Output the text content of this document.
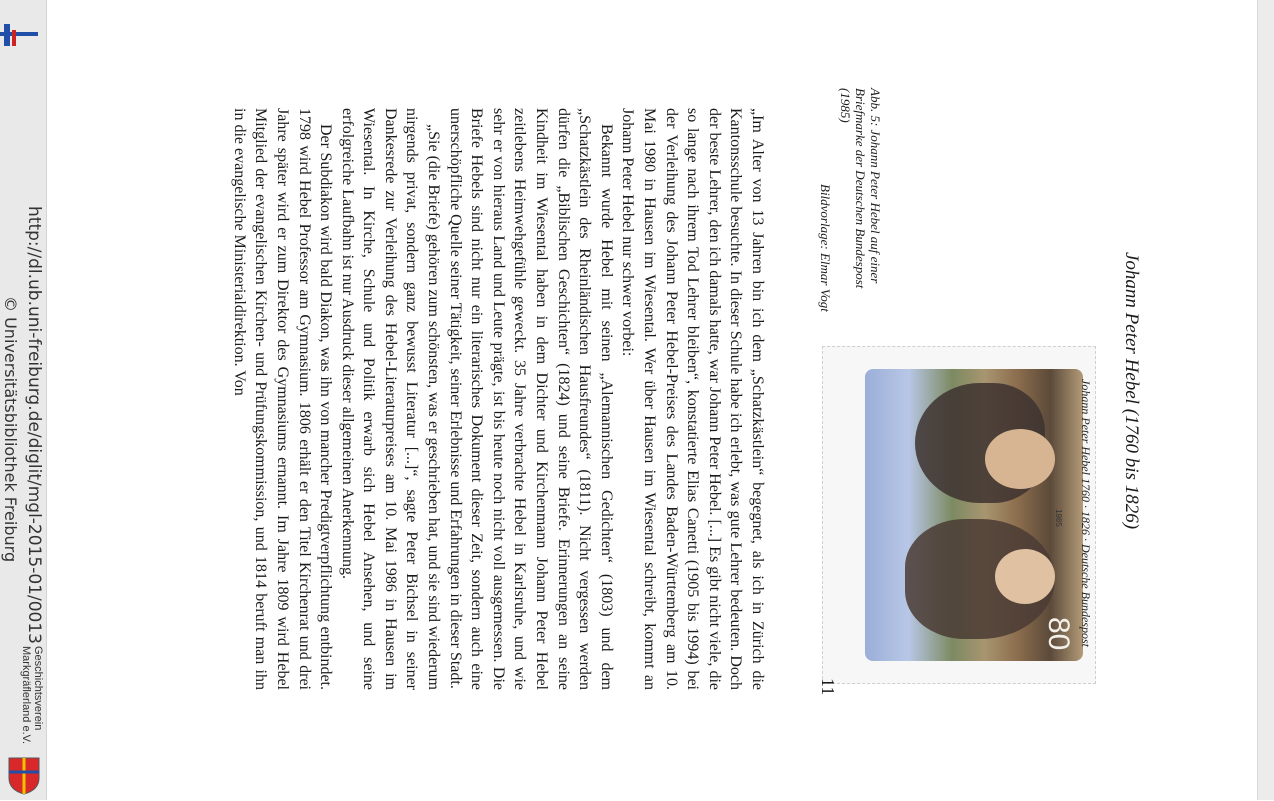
http://dl.ub.uni-freiburg.de/diglit/mgl-2015-01/0013
© Universitätsbibliothek Freiburg
Geschichtsverein
Markgräflerland e.V.
Johann Peter Hebel (1760 bis 1826)
Abb. 5: Johann Peter Hebel auf einer
Briefmarke der Deutschen Bundespost
(1985)
Bildvorlage: Elmar Vogt
Johann Peter Hebel 1760 · 1826 · Deutsche Bundespost
80
1985

„Im Alter von 13 Jahren bin ich dem „Schatzkästlein“ begegnet, als ich in Zürich die Kantonsschule besuchte. In dieser Schule habe ich erlebt, was gute Lehrer bedeuten. Doch der beste Lehrer, den ich damals hatte, war Johann Peter Hebel. [...] Es gibt nicht viele, die so lange nach ihrem Tod Lehrer bleiben“, konstatierte Elias Canetti (1905 bis 1994) bei der Verleihung des Johann Peter Hebel-Preises des Landes Baden-Württemberg am 10. Mai 1980 in Hausen im Wiesental. Wer über Hausen im Wiesental schreibt, kommt an Johann Peter Hebel nur schwer vorbei:

Bekannt wurde Hebel mit seinen „Alemannischen Gedichten“ (1803) und dem „Schatzkästlein des Rheinländischen Hausfreundes“ (1811). Nicht vergessen werden dürfen die „Biblischen Geschichten“ (1824) und seine Briefe. Erinnerungen an seine Kindheit im Wiesental haben in dem Dichter und Kirchenmann Johann Peter Hebel zeitlebens Heimwehgefühle geweckt. 35 Jahre verbrachte Hebel in Karlsruhe, und wie sehr er von hieraus Land und Leute prägte, ist bis heute noch nicht voll ausgemessen. Die Briefe Hebels sind nicht nur ein literarisches Dokument dieser Zeit, sondern auch eine unerschöpfliche Quelle seiner Tätigkeit, seiner Erlebnisse und Erfahrungen in dieser Stadt.

„Sie (die Briefe) gehören zum schönsten, was er geschrieben hat, und sie sind wiederum nirgends privat, sondern ganz bewusst Literatur [...]“, sagte Peter Bichsel in seiner Dankesrede zur Verleihung des Hebel-Literaturpreises am 10. Mai 1986 in Hausen im Wiesental. In Kirche, Schule und Politik erwarb sich Hebel Ansehen, und seine erfolgreiche Laufbahn ist nur Ausdruck dieser allgemeinen Anerkennung.

Der Subdiakon wird bald Diakon, was ihn von mancher Predigtverpflichtung entbindet. 1798 wird Hebel Professor am Gymnasium. 1806 erhält er den Titel Kirchenrat und drei Jahre später wird er zum Direktor des Gymnasiums ernannt. Im Jahre 1809 wird Hebel Mitglied der evangelischen Kirchen- und Prüfungskommission, und 1814 beruft man ihn in die evangelische Ministerialdirektion. Von

11
